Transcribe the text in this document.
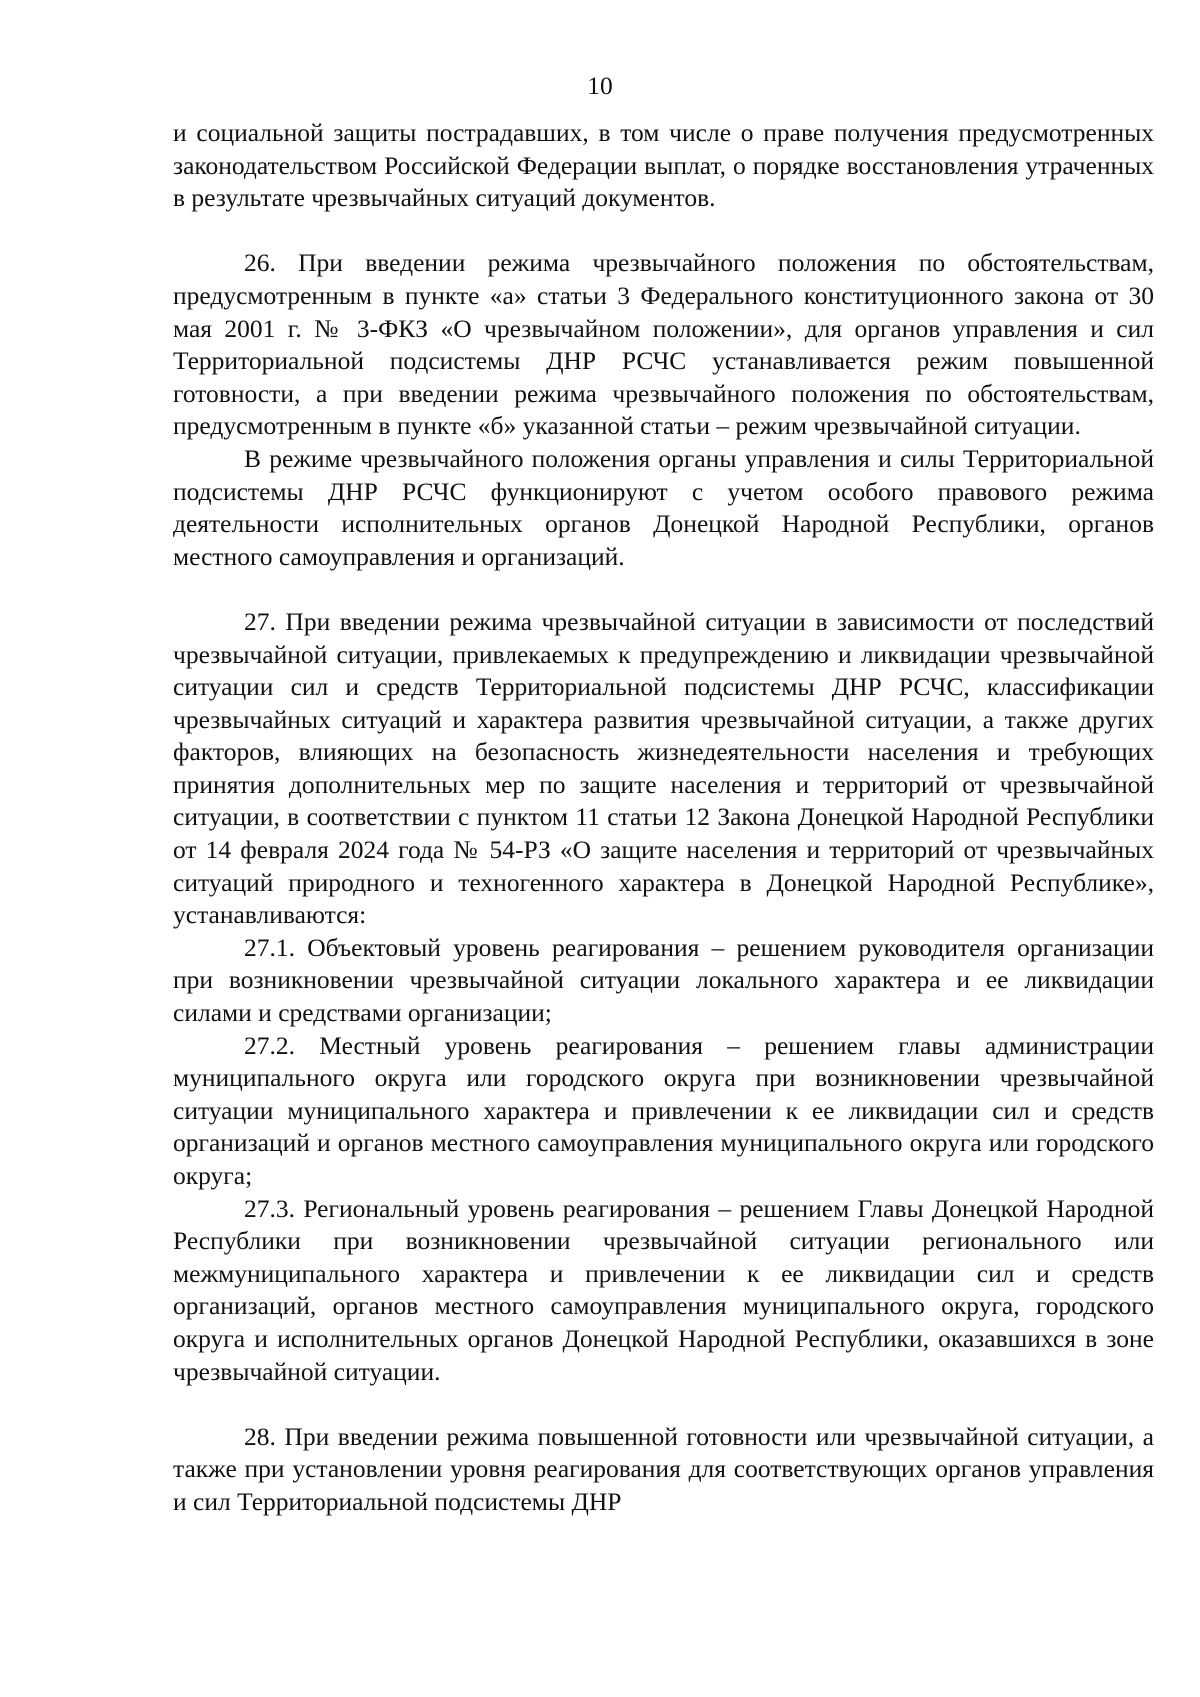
10

и социальной защиты пострадавших, в том числе о праве получения предусмотренных законодательством Российской Федерации выплат, о порядке восстановления утраченных в результате чрезвычайных ситуаций документов.

26. При введении режима чрезвычайного положения по обстоятельствам, предусмотренным в пункте «а» статьи 3 Федерального конституционного закона от 30 мая 2001 г. № 3-ФКЗ «О чрезвычайном положении», для органов управления и сил Территориальной подсистемы ДНР РСЧС устанавливается режим повышенной готовности, а при введении режима чрезвычайного положения по обстоятельствам, предусмотренным в пункте «б» указанной статьи – режим чрезвычайной ситуации.

В режиме чрезвычайного положения органы управления и силы Территориальной подсистемы ДНР РСЧС функционируют с учетом особого правового режима деятельности исполнительных органов Донецкой Народной Республики, органов местного самоуправления и организаций.

27. При введении режима чрезвычайной ситуации в зависимости от последствий чрезвычайной ситуации, привлекаемых к предупреждению и ликвидации чрезвычайной ситуации сил и средств Территориальной подсистемы ДНР РСЧС, классификации чрезвычайных ситуаций и характера развития чрезвычайной ситуации, а также других факторов, влияющих на безопасность жизнедеятельности населения и требующих принятия дополнительных мер по защите населения и территорий от чрезвычайной ситуации, в соответствии с пунктом 11 статьи 12 Закона Донецкой Народной Республики от 14 февраля 2024 года № 54-РЗ «О защите населения и территорий от чрезвычайных ситуаций природного и техногенного характера в Донецкой Народной Республике», устанавливаются:

27.1. Объектовый уровень реагирования – решением руководителя организации при возникновении чрезвычайной ситуации локального характера и ее ликвидации силами и средствами организации;

27.2. Местный уровень реагирования – решением главы администрации муниципального округа или городского округа при возникновении чрезвычайной ситуации муниципального характера и привлечении к ее ликвидации сил и средств организаций и органов местного самоуправления муниципального округа или городского округа;

27.3. Региональный уровень реагирования – решением Главы Донецкой Народной Республики при возникновении чрезвычайной ситуации регионального или межмуниципального характера и привлечении к ее ликвидации сил и средств организаций, органов местного самоуправления муниципального округа, городского округа и исполнительных органов Донецкой Народной Республики, оказавшихся в зоне чрезвычайной ситуации.

28. При введении режима повышенной готовности или чрезвычайной ситуации, а также при установлении уровня реагирования для соответствующих органов управления и сил Территориальной подсистемы ДНР
